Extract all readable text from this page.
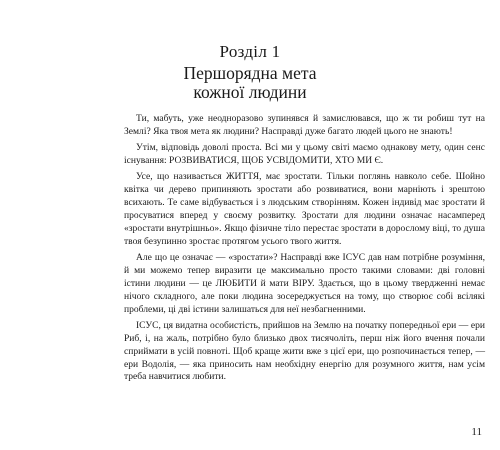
Розділ 1
Першорядна мета
кожної людини

Ти, мабуть, уже неодноразово зупинявся й замислювався, що ж ти робиш тут на Землі? Яка твоя мета як людини? Насправді дуже багато людей цього не знають!

Утім, відповідь доволі проста. Всі ми у цьому світі маємо однакову мету, один сенс існування: РОЗВИВАТИСЯ, ЩОБ УСВІДОМИТИ, ХТО МИ Є.

Усе, що називається ЖИТТЯ, має зростати. Тільки поглянь навколо себе. Шойно квітка чи дерево припиняють зростати або розвиватися, вони марніють і зрештою всихають. Те саме відбувається і з людським створінням. Кожен індивід має зростати й просуватися вперед у своєму розвитку. Зростати для людини означає насамперед «зростати внутрішньо». Якщо фізичне тіло перестає зростати в дорослому віці, то душа твоя безупинно зростає протягом усього твого життя.

Але що це означає — «зростати»? Насправді вже ІСУС дав нам потрібне розуміння, й ми можемо тепер виразити це максимально просто такими словами: дві головні істини людини — це ЛЮБИТИ й мати ВІРУ. Здається, що в цьому твердженні немає нічого складного, але поки людина зосереджується на тому, що створює собі всілякі проблеми, ці дві істини залишаться для неї незбагненними.

ІСУС, ця видатна особистість, прийшов на Землю на початку попередньої ери — ери Риб, і, на жаль, потрібно було близько двох тисячоліть, перш ніж його вчення почали сприймати в усій повноті. Щоб краще жити вже з цієї ери, що розпочинається тепер, — ери Водолія, — яка приносить нам необхідну енергію для розумного життя, нам усім треба навчитися любити.

11
